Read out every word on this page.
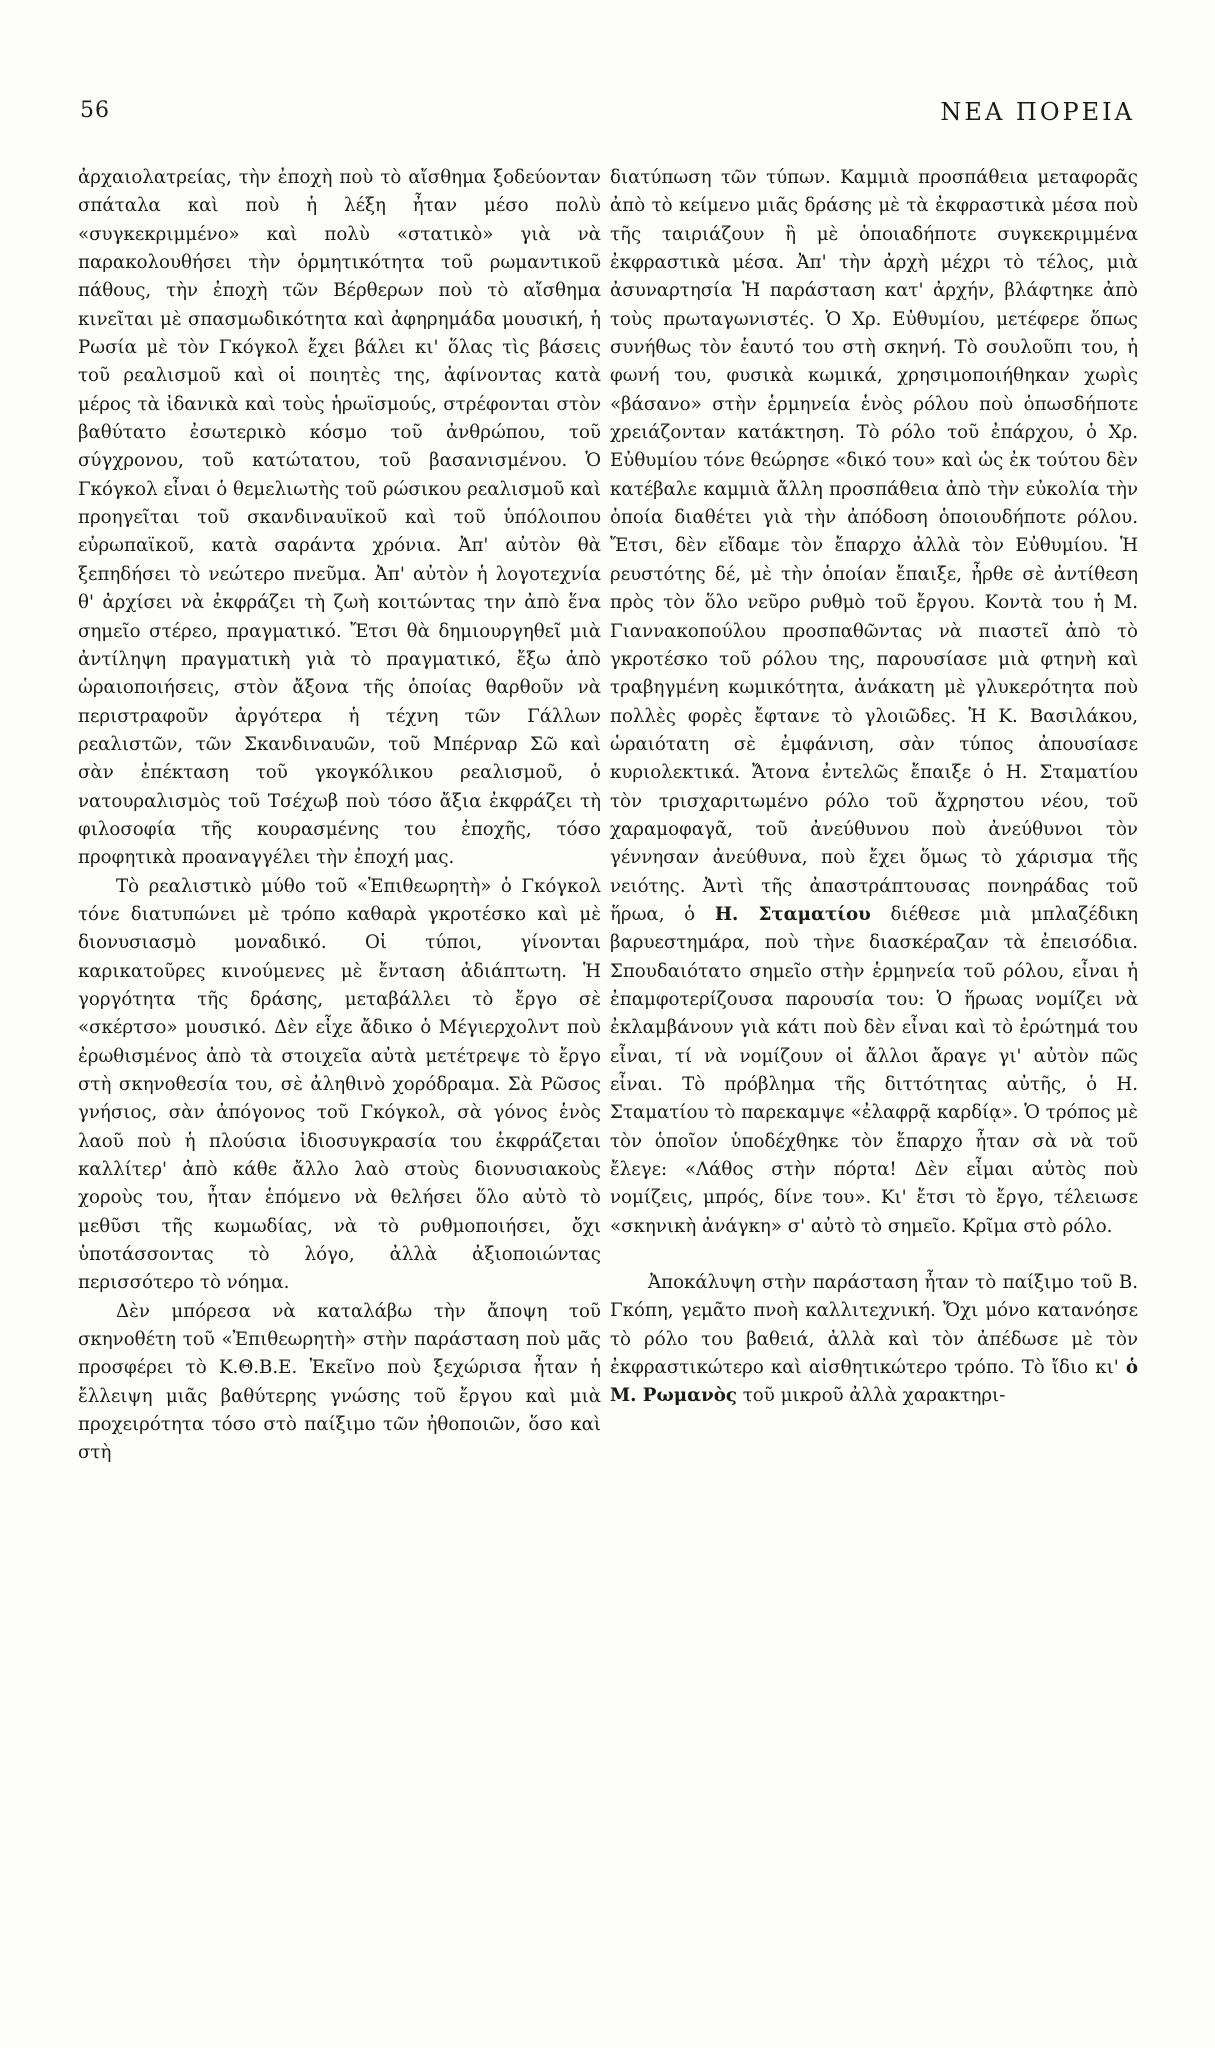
56	ΝΕΑ ΠΟΡΕΙΑ

ἀρχαιολατρείας, τὴν ἐποχὴ ποὺ τὸ αἴσθημα ξοδεύονταν σπάταλα καὶ ποὺ ἡ λέξη ἦταν μέσο πολὺ «συγκεκριμμένο» καὶ πολὺ «στατικὸ» γιὰ νὰ παρακολουθήσει τὴν ὁρμητικότητα τοῦ ρωμαντικοῦ πάθους, τὴν ἐποχὴ τῶν Βέρθερων ποὺ τὸ αἴσθημα κινεῖται μὲ σπασμωδικότητα καὶ ἀφηρημάδα μουσική, ἡ Ρωσία μὲ τὸν Γκόγκολ ἔχει βάλει κι' ὅλας τὶς βάσεις τοῦ ρεαλισμοῦ καὶ οἱ ποιητὲς της, ἀφίνοντας κατὰ μέρος τὰ ἰδανικὰ καὶ τοὺς ἡρωϊσμούς, στρέφονται στὸν βαθύτατο ἐσωτερικὸ κόσμο τοῦ ἀνθρώπου, τοῦ σύγχρονου, τοῦ κατώτατου, τοῦ βασανισμένου. Ὁ Γκόγκολ εἶναι ὁ θεμελιωτὴς τοῦ ρώσικου ρεαλισμοῦ καὶ προηγεῖται τοῦ σκανδιναυϊκοῦ καὶ τοῦ ὑπόλοιπου εὐρωπαϊκοῦ, κατὰ σαράντα χρόνια. Ἀπ' αὐτὸν θὰ ξεπηδήσει τὸ νεώτερο πνεῦμα. Ἀπ' αὐτὸν ἡ λογοτεχνία θ' ἀρχίσει νὰ ἐκφράζει τὴ ζωὴ κοιτώντας την ἀπὸ ἕνα σημεῖο στέρεο, πραγματικό. Ἔτσι θὰ δημιουργηθεῖ μιὰ ἀντίληψη πραγματικὴ γιὰ τὸ πραγματικό, ἔξω ἀπὸ ὡραιοποιήσεις, στὸν ἄξονα τῆς ὁποίας θαρθοῦν νὰ περιστραφοῦν ἀργότερα ἡ τέχνη τῶν Γάλλων ρεαλιστῶν, τῶν Σκανδιναυῶν, τοῦ Μπέρναρ Σῶ καὶ σὰν ἐπέκταση τοῦ γκογκόλικου ρεαλισμοῦ, ὁ νατουραλισμὸς τοῦ Τσέχωβ ποὺ τόσο ἄξια ἐκφράζει τὴ φιλοσοφία τῆς κουρασμένης του ἐποχῆς, τόσο προφητικὰ προαναγγέλει τὴν ἐποχή μας.

Τὸ ρεαλιστικὸ μύθο τοῦ «Ἐπιθεωρητὴ» ὁ Γκόγκολ τόνε διατυπώνει μὲ τρόπο καθαρὰ γκροτέσκο καὶ μὲ διονυσιασμὸ μοναδικό. Οἱ τύποι, γίνονται καρικατοῦρες κινούμενες μὲ ἔνταση ἀδιάπτωτη. Ἡ γοργότητα τῆς δράσης, μεταβάλλει τὸ ἔργο σὲ «σκέρτσο» μουσικό. Δὲν εἶχε ἄδικο ὁ Μέγιερχολντ ποὺ ἐρωθισμένος ἀπὸ τὰ στοιχεῖα αὐτὰ μετέτρεψε τὸ ἔργο στὴ σκηνοθεσία του, σὲ ἀληθινὸ χορόδραμα. Σὰ Ρῶσος γνήσιος, σὰν ἀπόγονος τοῦ Γκόγκολ, σὰ γόνος ἑνὸς λαοῦ ποὺ ἡ πλούσια ἰδιοσυγκρασία του ἐκφράζεται καλλίτερ' ἀπὸ κάθε ἄλλο λαὸ στοὺς διονυσιακοὺς χοροὺς του, ἦταν ἑπόμενο νὰ θελήσει ὅλο αὐτὸ τὸ μεθῦσι τῆς κωμωδίας, νὰ τὸ ρυθμοποιήσει, ὄχι ὑποτάσσοντας τὸ λόγο, ἀλλὰ ἀξιοποιώντας περισσότερο τὸ νόημα.

Δὲν μπόρεσα νὰ καταλάβω τὴν ἄποψη τοῦ σκηνοθέτη τοῦ «Ἐπιθεωρητὴ» στὴν παράσταση ποὺ μᾶς προσφέρει τὸ Κ.Θ.Β.Ε. Ἐκεῖνο ποὺ ξεχώρισα ἦταν ἡ ἔλλειψη μιᾶς βαθύτερης γνώσης τοῦ ἔργου καὶ μιὰ προχειρότητα τόσο στὸ παίξιμο τῶν ἠθοποιῶν, ὅσο καὶ στὴ

διατύπωση τῶν τύπων. Καμμιὰ προσπάθεια μεταφορᾶς ἀπὸ τὸ κείμενο μιᾶς δράσης μὲ τὰ ἐκφραστικὰ μέσα ποὺ τῆς ταιριάζουν ἢ μὲ ὁποιαδήποτε συγκεκριμμένα ἐκφραστικὰ μέσα. Ἀπ' τὴν ἀρχὴ μέχρι τὸ τέλος, μιὰ ἀσυναρτησία Ἡ παράσταση κατ' ἀρχήν, βλάφτηκε ἀπὸ τοὺς πρωταγωνιστές. Ὁ Χρ. Εὐθυμίου, μετέφερε ὅπως συνήθως τὸν ἑαυτό του στὴ σκηνή. Τὸ σουλοῦπι του, ἡ φωνή του, φυσικὰ κωμικά, χρησιμοποιήθηκαν χωρὶς «βάσανο» στὴν ἑρμηνεία ἑνὸς ρόλου ποὺ ὁπωσδήποτε χρειάζονταν κατάκτηση. Τὸ ρόλο τοῦ ἐπάρχου, ὁ Χρ. Εὐθυμίου τόνε θεώρησε «δικό του» καὶ ὡς ἐκ τούτου δὲν κατέβαλε καμμιὰ ἄλλη προσπάθεια ἀπὸ τὴν εὐκολία τὴν ὁποία διαθέτει γιὰ τὴν ἀπόδοση ὁποιουδήποτε ρόλου. Ἔτσι, δὲν εἴδαμε τὸν ἔπαρχο ἀλλὰ τὸν Εὐθυμίου. Ἡ ρευστότης δέ, μὲ τὴν ὁποίαν ἔπαιξε, ἦρθε σὲ ἀντίθεση πρὸς τὸν ὅλο νεῦρο ρυθμὸ τοῦ ἔργου. Κοντὰ του ἡ Μ. Γιαννακοπούλου προσπαθῶντας νὰ πιαστεῖ ἀπὸ τὸ γκροτέσκο τοῦ ρόλου της, παρουσίασε μιὰ φτηνὴ καὶ τραβηγμένη κωμικότητα, ἀνάκατη μὲ γλυκερότητα ποὺ πολλὲς φορὲς ἔφτανε τὸ γλοιῶδες. Ἡ Κ. Βασιλάκου, ὡραιότατη σὲ ἐμφάνιση, σὰν τύπος ἀπουσίασε κυριολεκτικά. Ἄτονα ἐντελῶς ἔπαιξε ὁ Η. Σταματίου τὸν τρισχαριτωμένο ρόλο τοῦ ἄχρηστου νέου, τοῦ χαραμοφαγᾶ, τοῦ ἀνεύθυνου ποὺ ἀνεύθυνοι τὸν γέννησαν ἀνεύθυνα, ποὺ ἔχει ὅμως τὸ χάρισμα τῆς νειότης. Ἀντὶ τῆς ἀπαστράπτουσας πονηράδας τοῦ ἥρωα, ὁ Η. Σταματίου διέθεσε μιὰ μπλαζέδικη βαρυεστημάρα, ποὺ τὴνε διασκέραζαν τὰ ἐπεισόδια. Σπουδαιότατο σημεῖο στὴν ἑρμηνεία τοῦ ρόλου, εἶναι ἡ ἐπαμφοτερίζουσα παρουσία του: Ὁ ἥρωας νομίζει νὰ ἐκλαμβάνουν γιὰ κάτι ποὺ δὲν εἶναι καὶ τὸ ἐρώτημά του εἶναι, τί νὰ νομίζουν οἱ ἄλλοι ἄραγε γι' αὐτὸν πῶς εἶναι. Τὸ πρόβλημα τῆς διττότητας αὐτῆς, ὁ Η. Σταματίου τὸ παρεκαμψε «ἐλαφρᾷ καρδίᾳ». Ὁ τρόπος μὲ τὸν ὁποῖον ὑποδέχθηκε τὸν ἔπαρχο ἦταν σὰ νὰ τοῦ ἔλεγε: «Λάθος στὴν πόρτα! Δὲν εἶμαι αὐτὸς ποὺ νομίζεις, μπρός, δίνε του». Κι' ἔτσι τὸ ἔργο, τέλειωσε «σκηνικὴ ἀνάγκη» σ' αὐτὸ τὸ σημεῖο. Κρῖμα στὸ ρόλο.

Ἀποκάλυψη στὴν παράσταση ἦταν τὸ παίξιμο τοῦ Β. Γκόπη, γεμᾶτο πνοὴ καλλιτεχνική. Ὄχι μόνο κατανόησε τὸ ρόλο του βαθειά, ἀλλὰ καὶ τὸν ἀπέδωσε μὲ τὸν ἐκφραστικώτερο καὶ αἰσθητικώτερο τρόπο. Τὸ ἴδιο κι' ὁ Μ. Ρωμανὸς τοῦ μικροῦ ἀλλὰ χαρακτηρι-
